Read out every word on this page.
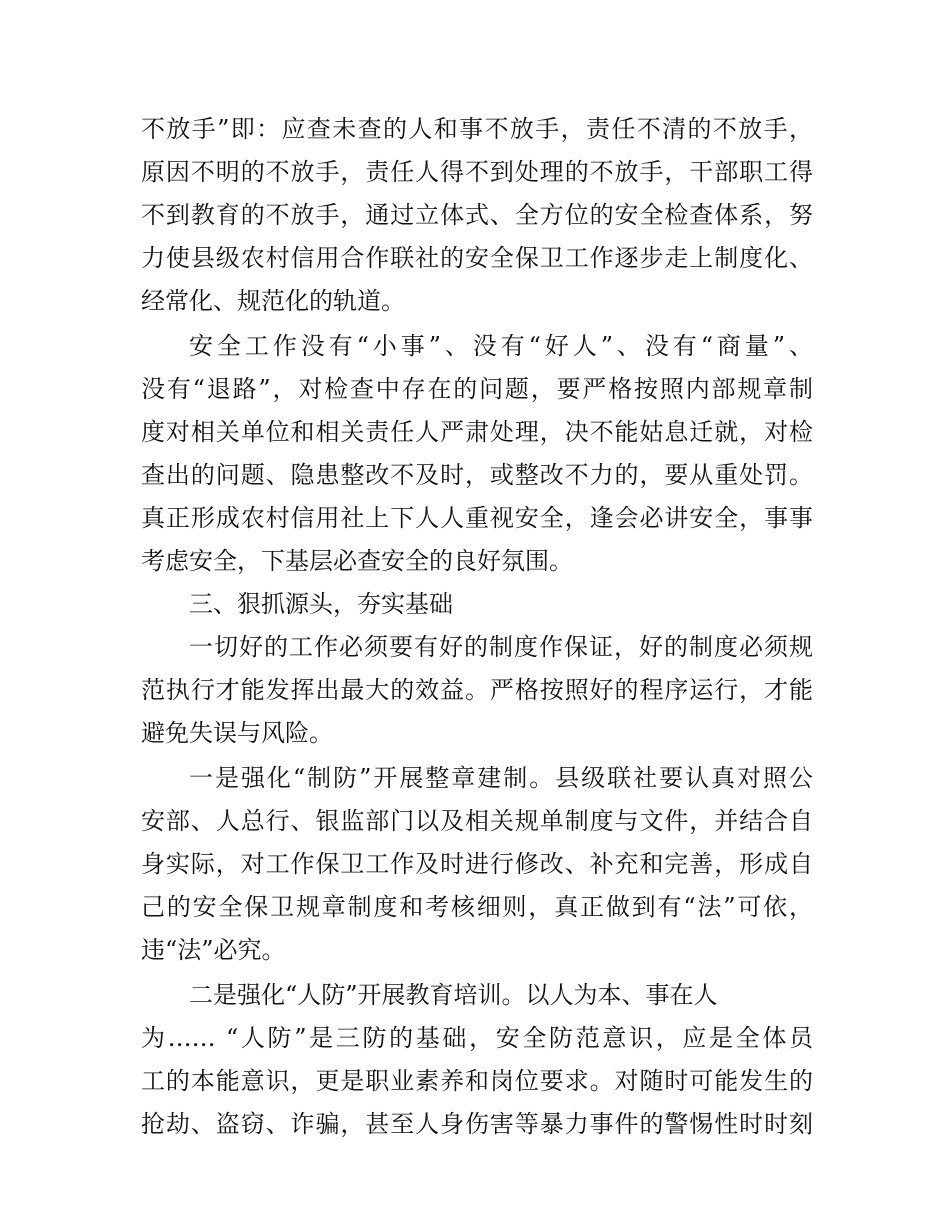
不放手”即：应查未查的人和事不放手，责任不清的不放手，
原因不明的不放手，责任人得不到处理的不放手，干部职工得
不到教育的不放手，通过立体式、全方位的安全检查体系，努
力使县级农村信用合作联社的安全保卫工作逐步走上制度化、
经常化、规范化的轨道。
安全工作没有“小事”、没有“好人”、没有“商量”、
没有“退路”，对检查中存在的问题，要严格按照内部规章制
度对相关单位和相关责任人严肃处理，决不能姑息迁就，对检
查出的问题、隐患整改不及时，或整改不力的，要从重处罚。
真正形成农村信用社上下人人重视安全，逢会必讲安全，事事
考虑安全，下基层必查安全的良好氛围。
三、狠抓源头，夯实基础
一切好的工作必须要有好的制度作保证，好的制度必须规
范执行才能发挥出最大的效益。严格按照好的程序运行，才能
避免失误与风险。
一是强化“制防”开展整章建制。县级联社要认真对照公
安部、人总行、银监部门以及相关规单制度与文件，并结合自
身实际，对工作保卫工作及时进行修改、补充和完善，形成自
己的安全保卫规章制度和考核细则，真正做到有“法”可依，
违“法”必究。
二是强化“人防”开展教育培训。以人为本、事在人
为…… “人防”是三防的基础，安全防范意识，应是全体员
工的本能意识，更是职业素养和岗位要求。对随时可能发生的
抢劫、盗窃、诈骗，甚至人身伤害等暴力事件的警惕性时时刻
